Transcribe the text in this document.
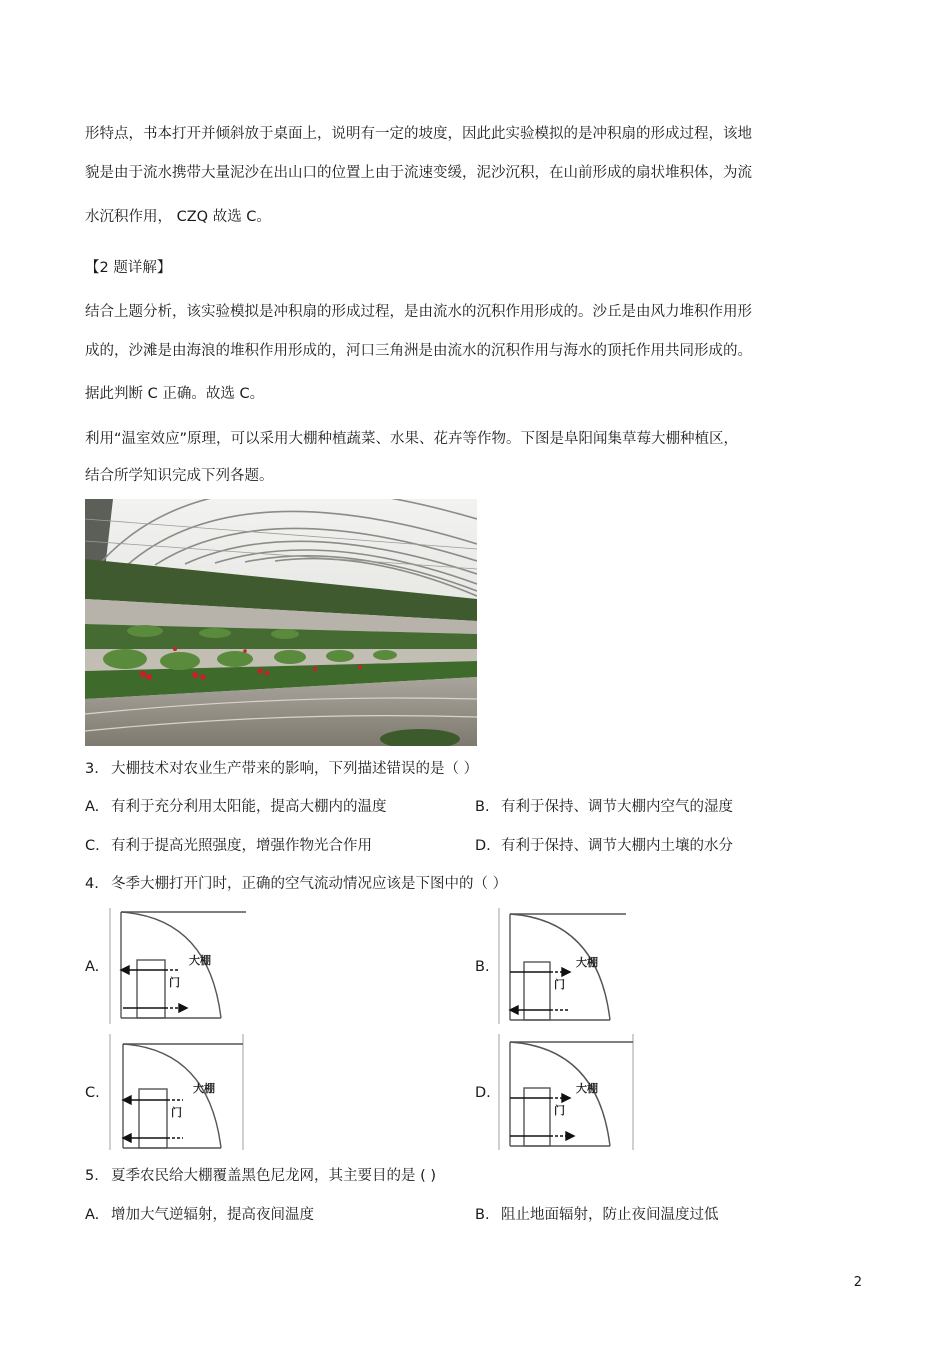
形特点，书本打开并倾斜放于桌面上，说明有一定的坡度，因此此实验模拟的是冲积扇的形成过程，该地
貌是由于流水携带大量泥沙在出山口的位置上由于流速变缓，泥沙沉积，在山前形成的扇状堆积体，为流
水沉积作用， CZQ 故选 C。
【2 题详解】
结合上题分析，该实验模拟是冲积扇的形成过程，是由流水的沉积作用形成的。沙丘是由风力堆积作用形
成的，沙滩是由海浪的堆积作用形成的，河口三角洲是由流水的沉积作用与海水的顶托作用共同形成的。
据此判断 C 正确。故选 C。
利用“温室效应”原理，可以采用大棚种植蔬菜、水果、花卉等作物。下图是阜阳闻集草莓大棚种植区，
结合所学知识完成下列各题。
3. 大棚技术对农业生产带来的影响，下列描述错误的是（ ）
A. 有利于充分利用太阳能，提高大棚内的温度	B. 有利于保持、调节大棚内空气的湿度
C. 有利于提高光照强度，增强作物光合作用	D. 有利于保持、调节大棚内土壤的水分
4. 冬季大棚打开门时，正确的空气流动情况应该是下图中的（ ）
A.	大棚
门
B.	大棚
门
C.	大棚
门
D.	大棚
门
5. 夏季农民给大棚覆盖黑色尼龙网，其主要目的是 ( )
A. 增加大气逆辐射，提高夜间温度	B. 阻止地面辐射，防止夜间温度过低
2
